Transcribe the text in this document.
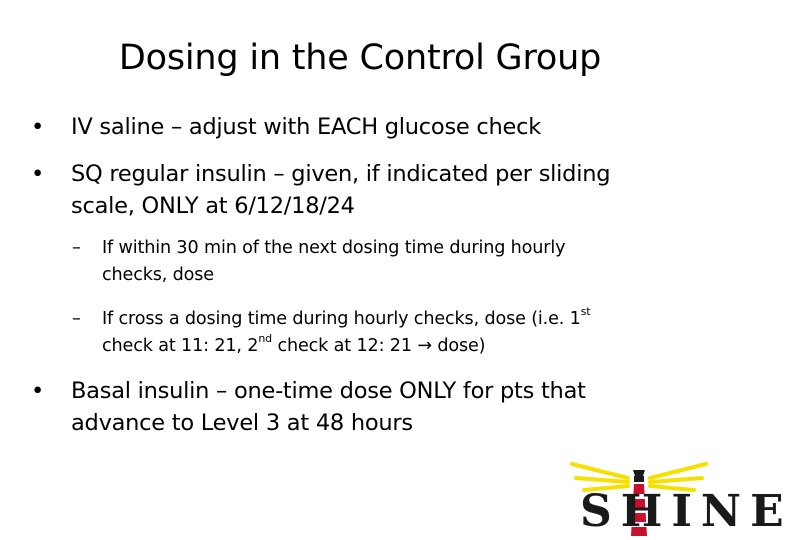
Dosing in the Control Group
• IV saline – adjust with EACH glucose check
• SQ regular insulin – given, if indicated per sliding
scale, ONLY at 6/12/18/24
– If within 30 min of the next dosing time during hourly
checks, dose
– If cross a dosing time during hourly checks, dose (i.e. 1st
check at 11: 21, 2nd check at 12: 21 → dose)
• Basal insulin – one-time dose ONLY for pts that
advance to Level 3 at 48 hours
SHINE
